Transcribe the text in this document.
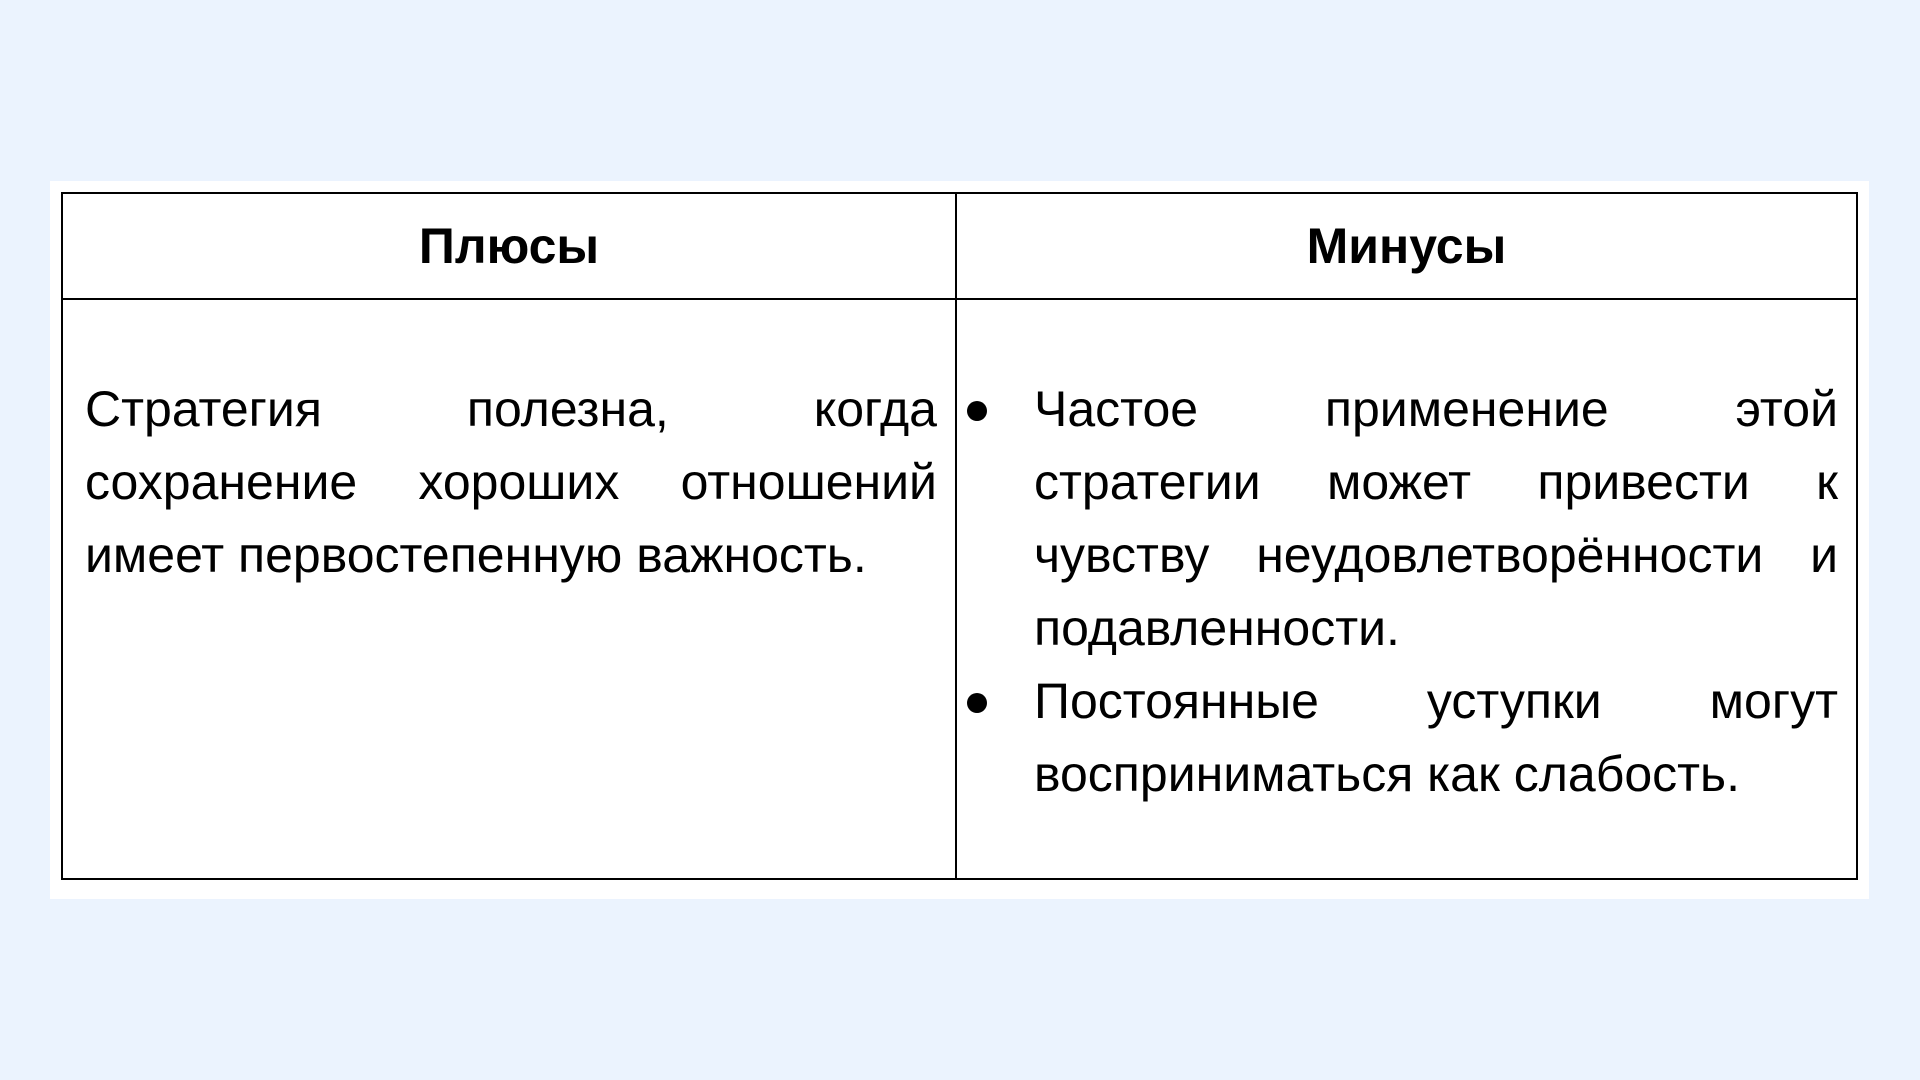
Плюсы	Минусы

Стратегия полезна, когда сохранение хороших отношений имеет первостепенную важность.

Частое применение этой стратегии может привести к чувству неудовлетворённости и подавленности.
Постоянные уступки могут восприниматься как слабость.
